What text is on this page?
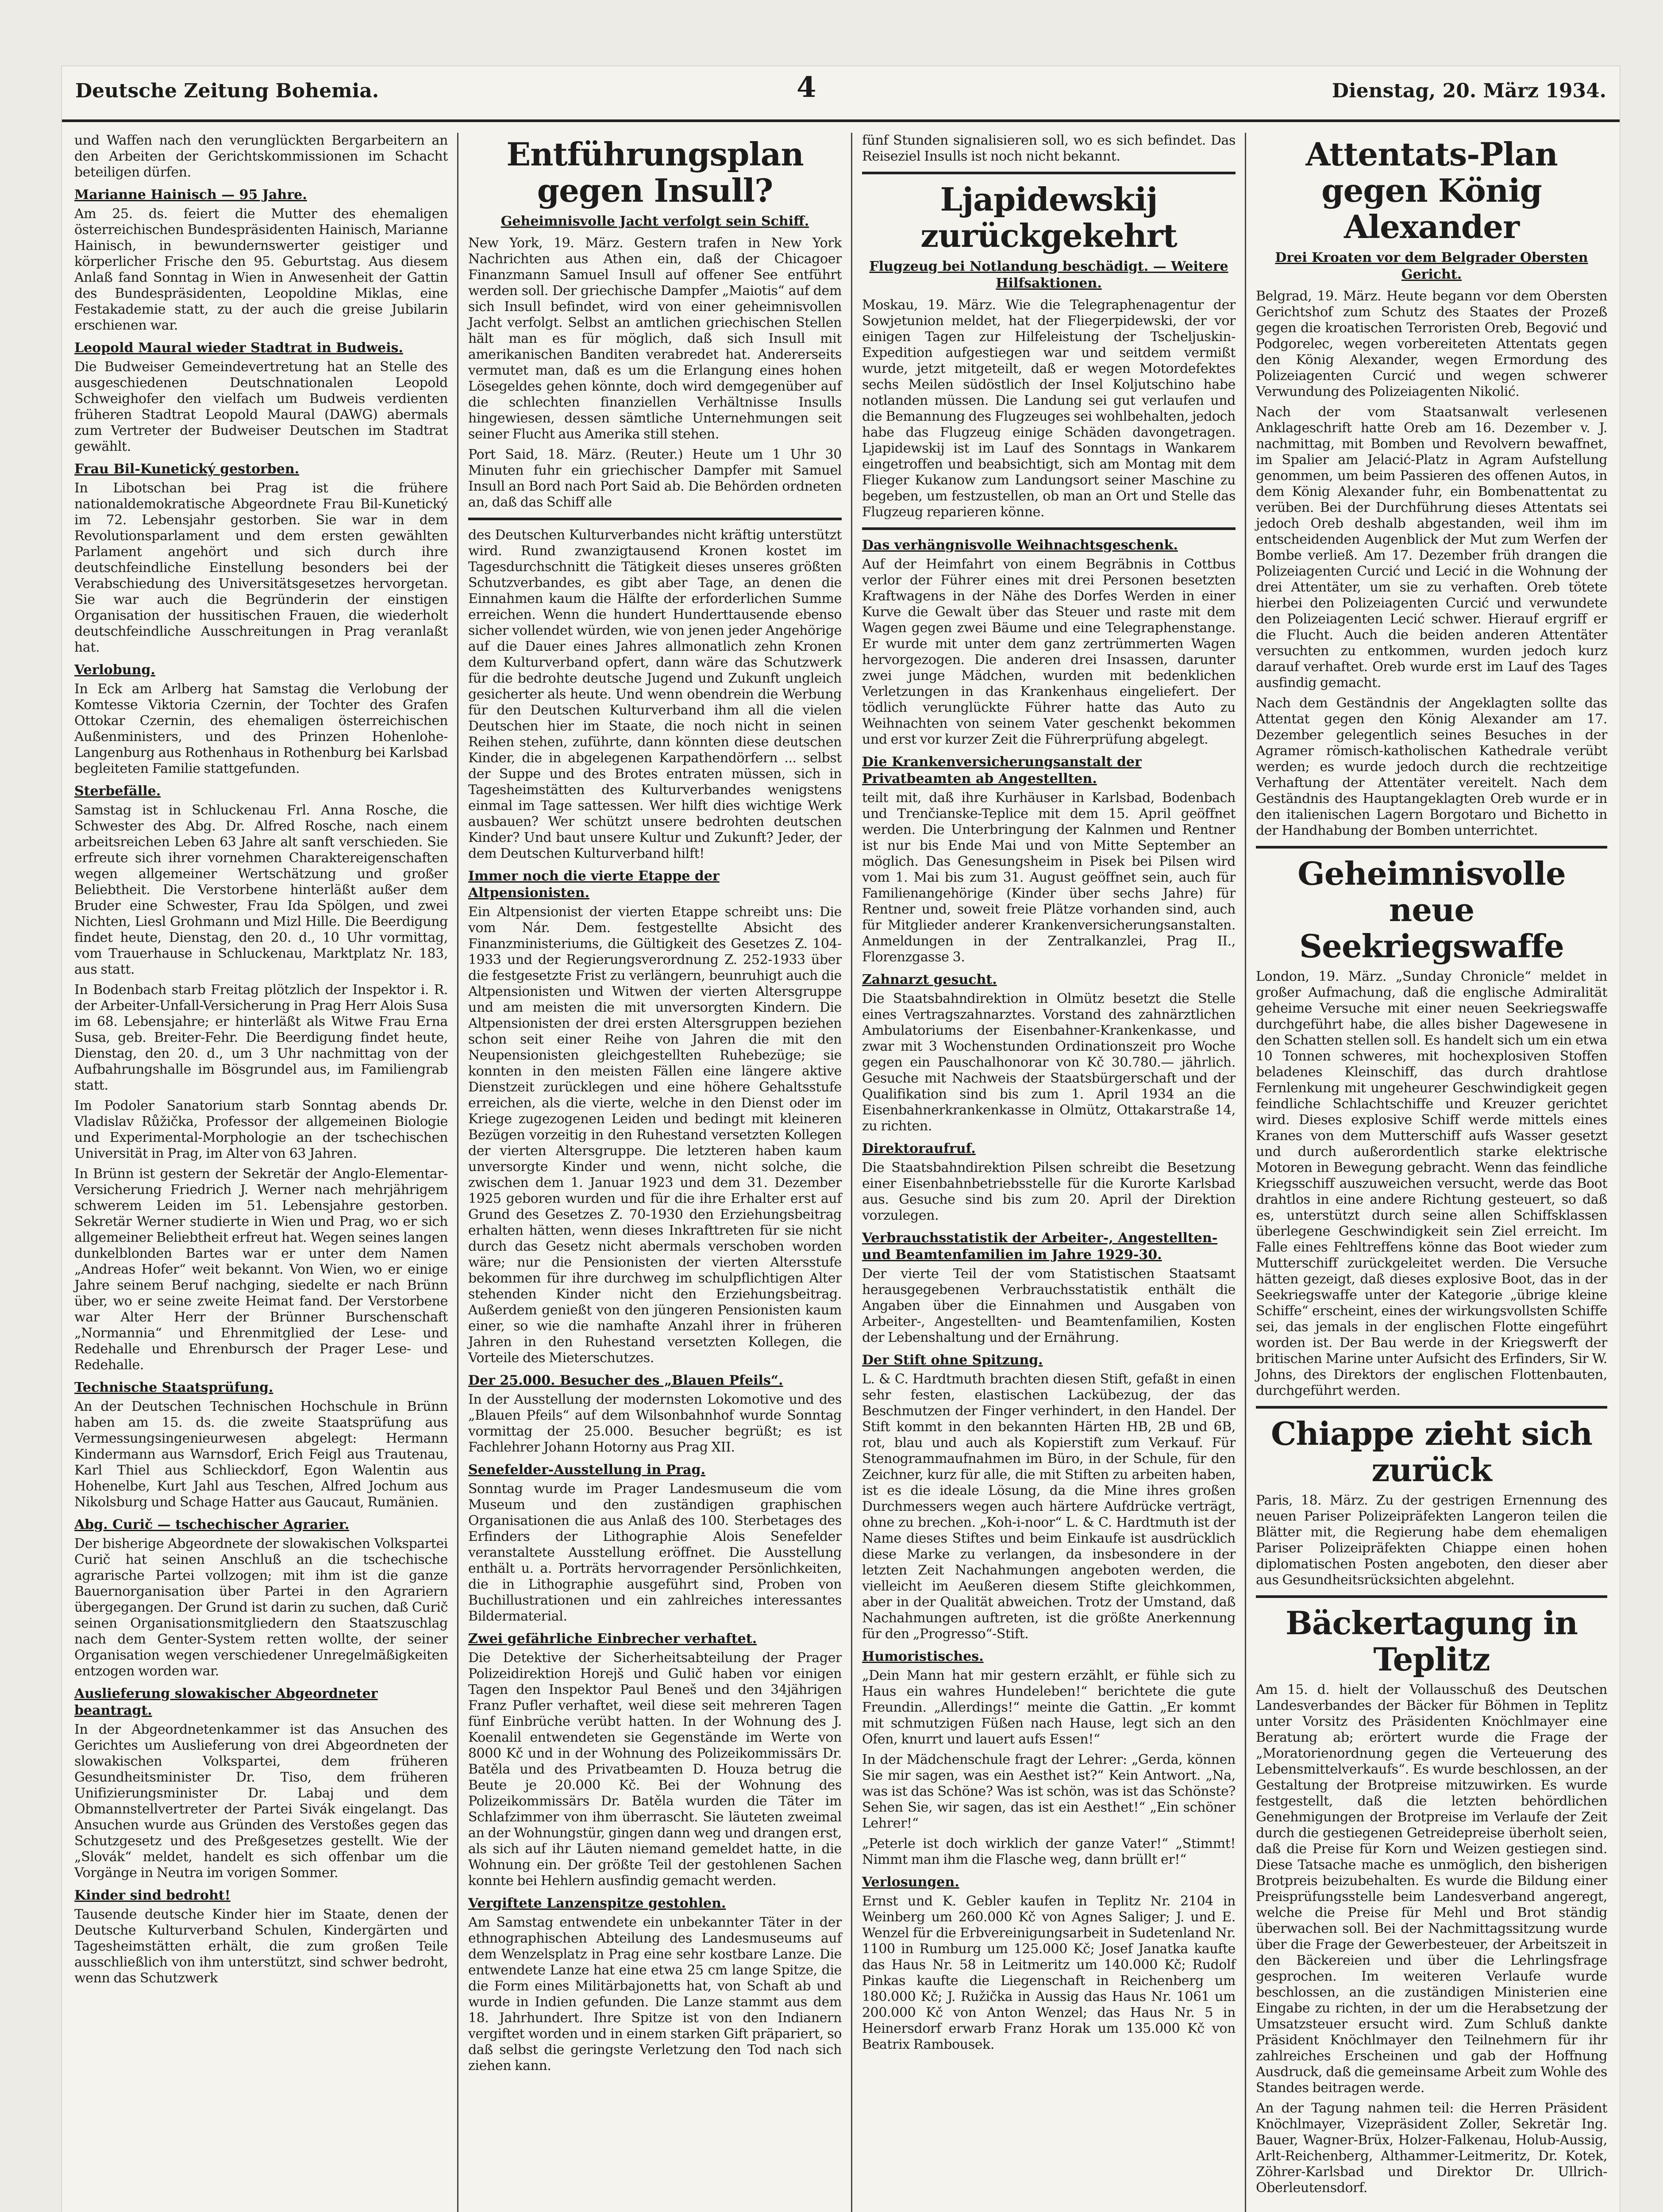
Deutsche Zeitung Bohemia.	4	Dienstag, 20. März 1934.

und Waffen nach den verunglückten Bergarbeitern an den Arbeiten der Gerichtskommissionen im Schacht beteiligen dürfen.

Marianne Hainisch — 95 Jahre.

Am 25. ds. feiert die Mutter des ehemaligen österreichischen Bundespräsidenten Hainisch, Marianne Hainisch, in bewundernswerter geistiger und körperlicher Frische den 95. Geburtstag. Aus diesem Anlaß fand Sonntag in Wien in Anwesenheit der Gattin des Bundespräsidenten, Leopoldine Miklas, eine Festakademie statt, zu der auch die greise Jubilarin erschienen war.

Leopold Maural wieder Stadtrat in Budweis.

Die Budweiser Gemeindevertretung hat an Stelle des ausgeschiedenen Deutschnationalen Leopold Schweighofer den vielfach um Budweis verdienten früheren Stadtrat Leopold Maural (DAWG) abermals zum Vertreter der Budweiser Deutschen im Stadtrat gewählt.

Frau Bil-Kunetický gestorben.

In Libotschan bei Prag ist die frühere nationaldemokratische Abgeordnete Frau Bil-Kunetický im 72. Lebensjahr gestorben. Sie war in dem Revolutionsparlament und dem ersten gewählten Parlament angehört und sich durch ihre deutschfeindliche Einstellung besonders bei der Verabschiedung des Universitätsgesetzes hervorgetan. Sie war auch die Begründerin der einstigen Organisation der hussitischen Frauen, die wiederholt deutschfeindliche Ausschreitungen in Prag veranlaßt hat.

Verlobung.

In Eck am Arlberg hat Samstag die Verlobung der Komtesse Viktoria Czernin, der Tochter des Grafen Ottokar Czernin, des ehemaligen österreichischen Außenministers, und des Prinzen Hohenlohe-Langenburg aus Rothenhaus in Rothenburg bei Karlsbad begleiteten Familie stattgefunden.

Sterbefälle.

Samstag ist in Schluckenau Frl. Anna Rosche, die Schwester des Abg. Dr. Alfred Rosche, nach einem arbeitsreichen Leben 63 Jahre alt sanft verschieden. Sie erfreute sich ihrer vornehmen Charaktereigenschaften wegen allgemeiner Wertschätzung und großer Beliebtheit. Die Verstorbene hinterläßt außer dem Bruder eine Schwester, Frau Ida Spölgen, und zwei Nichten, Liesl Grohmann und Mizl Hille. Die Beerdigung findet heute, Dienstag, den 20. d., 10 Uhr vormittag, vom Trauerhause in Schluckenau, Marktplatz Nr. 183, aus statt.

In Bodenbach starb Freitag plötzlich der Inspektor i. R. der Arbeiter-Unfall-Versicherung in Prag Herr Alois Susa im 68. Lebensjahre; er hinterläßt als Witwe Frau Erna Susa, geb. Breiter-Fehr. Die Beerdigung findet heute, Dienstag, den 20. d., um 3 Uhr nachmittag von der Aufbahrungshalle im Bösgrundel aus, im Familiengrab statt.

Im Podoler Sanatorium starb Sonntag abends Dr. Vladislav Růžička, Professor der allgemeinen Biologie und Experimental-Morphologie an der tschechischen Universität in Prag, im Alter von 63 Jahren.

In Brünn ist gestern der Sekretär der Anglo-Elementar-Versicherung Friedrich J. Werner nach mehrjährigem schwerem Leiden im 51. Lebensjahre gestorben. Sekretär Werner studierte in Wien und Prag, wo er sich allgemeiner Beliebtheit erfreut hat. Wegen seines langen dunkelblonden Bartes war er unter dem Namen „Andreas Hofer“ weit bekannt. Von Wien, wo er einige Jahre seinem Beruf nachging, siedelte er nach Brünn über, wo er seine zweite Heimat fand. Der Verstorbene war Alter Herr der Brünner Burschenschaft „Normannia“ und Ehrenmitglied der Lese- und Redehalle und Ehrenbursch der Prager Lese- und Redehalle.

Technische Staatsprüfung.

An der Deutschen Technischen Hochschule in Brünn haben am 15. ds. die zweite Staatsprüfung aus Vermessungsingenieurwesen abgelegt: Hermann Kindermann aus Warnsdorf, Erich Feigl aus Trautenau, Karl Thiel aus Schlieckdorf, Egon Walentin aus Hohenelbe, Kurt Jahl aus Teschen, Alfred Jochum aus Nikolsburg und Schage Hatter aus Gaucaut, Rumänien.

Abg. Curič — tschechischer Agrarier.

Der bisherige Abgeordnete der slowakischen Volkspartei Curič hat seinen Anschluß an die tschechische agrarische Partei vollzogen; mit ihm ist die ganze Bauernorganisation über Partei in den Agrariern übergegangen. Der Grund ist darin zu suchen, daß Curič seinen Organisationsmitgliedern den Staatszuschlag nach dem Genter-System retten wollte, der seiner Organisation wegen verschiedener Unregelmäßigkeiten entzogen worden war.

Auslieferung slowakischer Abgeordneter beantragt.

In der Abgeordnetenkammer ist das Ansuchen des Gerichtes um Auslieferung von drei Abgeordneten der slowakischen Volkspartei, dem früheren Gesundheitsminister Dr. Tiso, dem früheren Unifizierungsminister Dr. Labaj und dem Obmannstellvertreter der Partei Sivák eingelangt. Das Ansuchen wurde aus Gründen des Verstoßes gegen das Schutzgesetz und des Preßgesetzes gestellt. Wie der „Slovák“ meldet, handelt es sich offenbar um die Vorgänge in Neutra im vorigen Sommer.

Kinder sind bedroht!

Tausende deutsche Kinder hier im Staate, denen der Deutsche Kulturverband Schulen, Kindergärten und Tagesheimstätten erhält, die zum großen Teile ausschließlich von ihm unterstützt, sind schwer bedroht, wenn das Schutzwerk

Entführungsplan gegen Insull?
Geheimnisvolle Jacht verfolgt sein Schiff.

New York, 19. März. Gestern trafen in New York Nachrichten aus Athen ein, daß der Chicagoer Finanzmann Samuel Insull auf offener See entführt werden soll. Der griechische Dampfer „Maiotis“ auf dem sich Insull befindet, wird von einer geheimnisvollen Jacht verfolgt. Selbst an amtlichen griechischen Stellen hält man es für möglich, daß sich Insull mit amerikanischen Banditen verabredet hat. Andererseits vermutet man, daß es um die Erlangung eines hohen Lösegeldes gehen könnte, doch wird demgegenüber auf die schlechten finanziellen Verhältnisse Insulls hingewiesen, dessen sämtliche Unternehmungen seit seiner Flucht aus Amerika still stehen.

Port Said, 18. März. (Reuter.) Heute um 1 Uhr 30 Minuten fuhr ein griechischer Dampfer mit Samuel Insull an Bord nach Port Said ab. Die Behörden ordneten an, daß das Schiff alle

des Deutschen Kulturverbandes nicht kräftig unterstützt wird. Rund zwanzigtausend Kronen kostet im Tagesdurchschnitt die Tätigkeit dieses unseres größten Schutzverbandes, es gibt aber Tage, an denen die Einnahmen kaum die Hälfte der erforderlichen Summe erreichen. Wenn die hundert Hunderttausende ebenso sicher vollendet würden, wie von jenen jeder Angehörige auf die Dauer eines Jahres allmonatlich zehn Kronen dem Kulturverband opfert, dann wäre das Schutzwerk für die bedrohte deutsche Jugend und Zukunft ungleich gesicherter als heute. Und wenn obendrein die Werbung für den Deutschen Kulturverband ihm all die vielen Deutschen hier im Staate, die noch nicht in seinen Reihen stehen, zuführte, dann könnten diese deutschen Kinder, die in abgelegenen Karpathendörfern ... selbst der Suppe und des Brotes entraten müssen, sich in Tagesheimstätten des Kulturverbandes wenigstens einmal im Tage sattessen. Wer hilft dies wichtige Werk ausbauen? Wer schützt unsere bedrohten deutschen Kinder? Und baut unsere Kultur und Zukunft? Jeder, der dem Deutschen Kulturverband hilft!

Immer noch die vierte Etappe der Altpensionisten.

Ein Altpensionist der vierten Etappe schreibt uns: Die vom Nár. Dem. festgestellte Absicht des Finanzministeriums, die Gültigkeit des Gesetzes Z. 104-1933 und der Regierungsverordnung Z. 252-1933 über die festgesetzte Frist zu verlängern, beunruhigt auch die Altpensionisten und Witwen der vierten Altersgruppe und am meisten die mit unversorgten Kindern. Die Altpensionisten der drei ersten Altersgruppen beziehen schon seit einer Reihe von Jahren die mit den Neupensionisten gleichgestellten Ruhebezüge; sie konnten in den meisten Fällen eine längere aktive Dienstzeit zurücklegen und eine höhere Gehaltsstufe erreichen, als die vierte, welche in den Dienst oder im Kriege zugezogenen Leiden und bedingt mit kleineren Bezügen vorzeitig in den Ruhestand versetzten Kollegen der vierten Altersgruppe. Die letzteren haben kaum unversorgte Kinder und wenn, nicht solche, die zwischen dem 1. Januar 1923 und dem 31. Dezember 1925 geboren wurden und für die ihre Erhalter erst auf Grund des Gesetzes Z. 70-1930 den Erziehungsbeitrag erhalten hätten, wenn dieses Inkrafttreten für sie nicht durch das Gesetz nicht abermals verschoben worden wäre; nur die Pensionisten der vierten Altersstufe bekommen für ihre durchweg im schulpflichtigen Alter stehenden Kinder nicht den Erziehungsbeitrag. Außerdem genießt von den jüngeren Pensionisten kaum einer, so wie die namhafte Anzahl ihrer in früheren Jahren in den Ruhestand versetzten Kollegen, die Vorteile des Mieterschutzes.

Der 25.000. Besucher des „Blauen Pfeils“.

In der Ausstellung der modernsten Lokomotive und des „Blauen Pfeils“ auf dem Wilsonbahnhof wurde Sonntag vormittag der 25.000. Besucher begrüßt; es ist Fachlehrer Johann Hotorny aus Prag XII.

Senefelder-Ausstellung in Prag.

Sonntag wurde im Prager Landesmuseum die vom Museum und den zuständigen graphischen Organisationen die aus Anlaß des 100. Sterbetages des Erfinders der Lithographie Alois Senefelder veranstaltete Ausstellung eröffnet. Die Ausstellung enthält u. a. Porträts hervorragender Persönlichkeiten, die in Lithographie ausgeführt sind, Proben von Buchillustrationen und ein zahlreiches interessantes Bildermaterial.

Zwei gefährliche Einbrecher verhaftet.

Die Detektive der Sicherheitsabteilung der Prager Polizeidirektion Horejš und Gulič haben vor einigen Tagen den Inspektor Paul Beneš und den 34jährigen Franz Pufler verhaftet, weil diese seit mehreren Tagen fünf Einbrüche verübt hatten. In der Wohnung des J. Koenalil entwendeten sie Gegenstände im Werte von 8000 Kč und in der Wohnung des Polizeikommissärs Dr. Batěla und des Privatbeamten D. Houza betrug die Beute je 20.000 Kč. Bei der Wohnung des Polizeikommissärs Dr. Batěla wurden die Täter im Schlafzimmer von ihm überrascht. Sie läuteten zweimal an der Wohnungstür, gingen dann weg und drangen erst, als sich auf ihr Läuten niemand gemeldet hatte, in die Wohnung ein. Der größte Teil der gestohlenen Sachen konnte bei Hehlern ausfindig gemacht werden.

Vergiftete Lanzenspitze gestohlen.

Am Samstag entwendete ein unbekannter Täter in der ethnographischen Abteilung des Landesmuseums auf dem Wenzelsplatz in Prag eine sehr kostbare Lanze. Die entwendete Lanze hat eine etwa 25 cm lange Spitze, die die Form eines Militärbajonetts hat, von Schaft ab und wurde in Indien gefunden. Die Lanze stammt aus dem 18. Jahrhundert. Ihre Spitze ist von den Indianern vergiftet worden und in einem starken Gift präpariert, so daß selbst die geringste Verletzung den Tod nach sich ziehen kann.

fünf Stunden signalisieren soll, wo es sich befindet. Das Reiseziel Insulls ist noch nicht bekannt.

Ljapidewskij zurückgekehrt
Flugzeug bei Notlandung beschädigt. — Weitere Hilfsaktionen.

Moskau, 19. März. Wie die Telegraphenagentur der Sowjetunion meldet, hat der Fliegerpidewski, der vor einigen Tagen zur Hilfeleistung der Tscheljuskin-Expedition aufgestiegen war und seitdem vermißt wurde, jetzt mitgeteilt, daß er wegen Motordefektes sechs Meilen südöstlich der Insel Koljutschino habe notlanden müssen. Die Landung sei gut verlaufen und die Bemannung des Flugzeuges sei wohlbehalten, jedoch habe das Flugzeug einige Schäden davongetragen. Ljapidewskij ist im Lauf des Sonntags in Wankarem eingetroffen und beabsichtigt, sich am Montag mit dem Flieger Kukanow zum Landungsort seiner Maschine zu begeben, um festzustellen, ob man an Ort und Stelle das Flugzeug reparieren könne.

Das verhängnisvolle Weihnachtsgeschenk.

Auf der Heimfahrt von einem Begräbnis in Cottbus verlor der Führer eines mit drei Personen besetzten Kraftwagens in der Nähe des Dorfes Werden in einer Kurve die Gewalt über das Steuer und raste mit dem Wagen gegen zwei Bäume und eine Telegraphenstange. Er wurde mit unter dem ganz zertrümmerten Wagen hervorgezogen. Die anderen drei Insassen, darunter zwei junge Mädchen, wurden mit bedenklichen Verletzungen in das Krankenhaus eingeliefert. Der tödlich verunglückte Führer hatte das Auto zu Weihnachten von seinem Vater geschenkt bekommen und erst vor kurzer Zeit die Führerprüfung abgelegt.

Die Krankenversicherungsanstalt der Privatbeamten ab Angestellten.

teilt mit, daß ihre Kurhäuser in Karlsbad, Bodenbach und Trenčianske-Teplice mit dem 15. April geöffnet werden. Die Unterbringung der Kalnmen und Rentner ist nur bis Ende Mai und von Mitte September an möglich. Das Genesungsheim in Pisek bei Pilsen wird vom 1. Mai bis zum 31. August geöffnet sein, auch für Familienangehörige (Kinder über sechs Jahre) für Rentner und, soweit freie Plätze vorhanden sind, auch für Mitglieder anderer Krankenversicherungsanstalten. Anmeldungen in der Zentralkanzlei, Prag II., Florenzgasse 3.

Zahnarzt gesucht.

Die Staatsbahndirektion in Olmütz besetzt die Stelle eines Vertragszahnarztes. Vorstand des zahnärztlichen Ambulatoriums der Eisenbahner-Krankenkasse, und zwar mit 3 Wochenstunden Ordinationszeit pro Woche gegen ein Pauschalhonorar von Kč 30.780.— jährlich. Gesuche mit Nachweis der Staatsbürgerschaft und der Qualifikation sind bis zum 1. April 1934 an die Eisenbahnerkrankenkasse in Olmütz, Ottakarstraße 14, zu richten.

Direktoraufruf.

Die Staatsbahndirektion Pilsen schreibt die Besetzung einer Eisenbahnbetriebsstelle für die Kurorte Karlsbad aus. Gesuche sind bis zum 20. April der Direktion vorzulegen.

Verbrauchsstatistik der Arbeiter-, Angestellten- und Beamtenfamilien im Jahre 1929-30.

Der vierte Teil der vom Statistischen Staatsamt herausgegebenen Verbrauchsstatistik enthält die Angaben über die Einnahmen und Ausgaben von Arbeiter-, Angestellten- und Beamtenfamilien, Kosten der Lebenshaltung und der Ernährung.

Der Stift ohne Spitzung.

L. & C. Hardtmuth brachten diesen Stift, gefaßt in einen sehr festen, elastischen Lackübezug, der das Beschmutzen der Finger verhindert, in den Handel. Der Stift kommt in den bekannten Härten HB, 2B und 6B, rot, blau und auch als Kopierstift zum Verkauf. Für Stenogrammaufnahmen im Büro, in der Schule, für den Zeichner, kurz für alle, die mit Stiften zu arbeiten haben, ist es die ideale Lösung, da die Mine ihres großen Durchmessers wegen auch härtere Aufdrücke verträgt, ohne zu brechen. „Koh-i-noor“ L. & C. Hardtmuth ist der Name dieses Stiftes und beim Einkaufe ist ausdrücklich diese Marke zu verlangen, da insbesondere in der letzten Zeit Nachahmungen angeboten werden, die vielleicht im Aeußeren diesem Stifte gleichkommen, aber in der Qualität abweichen. Trotz der Umstand, daß Nachahmungen auftreten, ist die größte Anerkennung für den „Progresso“-Stift.

Humoristisches.

„Dein Mann hat mir gestern erzählt, er fühle sich zu Haus ein wahres Hundeleben!“ berichtete die gute Freundin. „Allerdings!“ meinte die Gattin. „Er kommt mit schmutzigen Füßen nach Hause, legt sich an den Ofen, knurrt und lauert aufs Essen!“

In der Mädchenschule fragt der Lehrer: „Gerda, können Sie mir sagen, was ein Aesthet ist?“ Kein Antwort. „Na, was ist das Schöne? Was ist schön, was ist das Schönste? Sehen Sie, wir sagen, das ist ein Aesthet!“ „Ein schöner Lehrer!“

„Peterle ist doch wirklich der ganze Vater!“ „Stimmt! Nimmt man ihm die Flasche weg, dann brüllt er!“

Verlosungen.

Ernst und K. Gebler kaufen in Teplitz Nr. 2104 in Weinberg um 260.000 Kč von Agnes Saliger; J. und E. Wenzel für die Erbvereinigungsarbeit in Sudetenland Nr. 1100 in Rumburg um 125.000 Kč; Josef Janatka kaufte das Haus Nr. 58 in Leitmeritz um 140.000 Kč; Rudolf Pinkas kaufte die Liegenschaft in Reichenberg um 180.000 Kč; J. Ružička in Aussig das Haus Nr. 1061 um 200.000 Kč von Anton Wenzel; das Haus Nr. 5 in Heinersdorf erwarb Franz Horak um 135.000 Kč von Beatrix Rambousek.

Attentats-Plan gegen König Alexander
Drei Kroaten vor dem Belgrader Obersten Gericht.

Belgrad, 19. März. Heute begann vor dem Obersten Gerichtshof zum Schutz des Staates der Prozeß gegen die kroatischen Terroristen Oreb, Begović und Podgorelec, wegen vorbereiteten Attentats gegen den König Alexander, wegen Ermordung des Polizeiagenten Curcić und wegen schwerer Verwundung des Polizeiagenten Nikolić.

Nach der vom Staatsanwalt verlesenen Anklageschrift hatte Oreb am 16. Dezember v. J. nachmittag, mit Bomben und Revolvern bewaffnet, im Spalier am Jelacić-Platz in Agram Aufstellung genommen, um beim Passieren des offenen Autos, in dem König Alexander fuhr, ein Bombenattentat zu verüben. Bei der Durchführung dieses Attentats sei jedoch Oreb deshalb abgestanden, weil ihm im entscheidenden Augenblick der Mut zum Werfen der Bombe verließ. Am 17. Dezember früh drangen die Polizeiagenten Curcić und Lecić in die Wohnung der drei Attentäter, um sie zu verhaften. Oreb tötete hierbei den Polizeiagenten Curcić und verwundete den Polizeiagenten Lecić schwer. Hierauf ergriff er die Flucht. Auch die beiden anderen Attentäter versuchten zu entkommen, wurden jedoch kurz darauf verhaftet. Oreb wurde erst im Lauf des Tages ausfindig gemacht.

Nach dem Geständnis der Angeklagten sollte das Attentat gegen den König Alexander am 17. Dezember gelegentlich seines Besuches in der Agramer römisch-katholischen Kathedrale verübt werden; es wurde jedoch durch die rechtzeitige Verhaftung der Attentäter vereitelt. Nach dem Geständnis des Hauptangeklagten Oreb wurde er in den italienischen Lagern Borgotaro und Bichetto in der Handhabung der Bomben unterrichtet.

Geheimnisvolle neue Seekriegswaffe

London, 19. März. „Sunday Chronicle“ meldet in großer Aufmachung, daß die englische Admiralität geheime Versuche mit einer neuen Seekriegswaffe durchgeführt habe, die alles bisher Dagewesene in den Schatten stellen soll. Es handelt sich um ein etwa 10 Tonnen schweres, mit hochexplosiven Stoffen beladenes Kleinschiff, das durch drahtlose Fernlenkung mit ungeheurer Geschwindigkeit gegen feindliche Schlachtschiffe und Kreuzer gerichtet wird. Dieses explosive Schiff werde mittels eines Kranes von dem Mutterschiff aufs Wasser gesetzt und durch außerordentlich starke elektrische Motoren in Bewegung gebracht. Wenn das feindliche Kriegsschiff auszuweichen versucht, werde das Boot drahtlos in eine andere Richtung gesteuert, so daß es, unterstützt durch seine allen Schiffsklassen überlegene Geschwindigkeit sein Ziel erreicht. Im Falle eines Fehltreffens könne das Boot wieder zum Mutterschiff zurückgeleitet werden. Die Versuche hätten gezeigt, daß dieses explosive Boot, das in der Seekriegswaffe unter der Kategorie „übrige kleine Schiffe“ erscheint, eines der wirkungsvollsten Schiffe sei, das jemals in der englischen Flotte eingeführt worden ist. Der Bau werde in der Kriegswerft der britischen Marine unter Aufsicht des Erfinders, Sir W. Johns, des Direktors der englischen Flottenbauten, durchgeführt werden.

Chiappe zieht sich zurück

Paris, 18. März. Zu der gestrigen Ernennung des neuen Pariser Polizeipräfekten Langeron teilen die Blätter mit, die Regierung habe dem ehemaligen Pariser Polizeipräfekten Chiappe einen hohen diplomatischen Posten angeboten, den dieser aber aus Gesundheitsrücksichten abgelehnt.

Bäckertagung in Teplitz

Am 15. d. hielt der Vollausschuß des Deutschen Landesverbandes der Bäcker für Böhmen in Teplitz unter Vorsitz des Präsidenten Knöchlmayer eine Beratung ab; erörtert wurde die Frage der „Moratorienordnung gegen die Verteuerung des Lebensmittelverkaufs“. Es wurde beschlossen, an der Gestaltung der Brotpreise mitzuwirken. Es wurde festgestellt, daß die letzten behördlichen Genehmigungen der Brotpreise im Verlaufe der Zeit durch die gestiegenen Getreidepreise überholt seien, daß die Preise für Korn und Weizen gestiegen sind. Diese Tatsache mache es unmöglich, den bisherigen Brotpreis beizubehalten. Es wurde die Bildung einer Preisprüfungsstelle beim Landesverband angeregt, welche die Preise für Mehl und Brot ständig überwachen soll. Bei der Nachmittagssitzung wurde über die Frage der Gewerbesteuer, der Arbeitszeit in den Bäckereien und über die Lehrlingsfrage gesprochen. Im weiteren Verlaufe wurde beschlossen, an die zuständigen Ministerien eine Eingabe zu richten, in der um die Herabsetzung der Umsatzsteuer ersucht wird. Zum Schluß dankte Präsident Knöchlmayer den Teilnehmern für ihr zahlreiches Erscheinen und gab der Hoffnung Ausdruck, daß die gemeinsame Arbeit zum Wohle des Standes beitragen werde.

An der Tagung nahmen teil: die Herren Präsident Knöchlmayer, Vizepräsident Zoller, Sekretär Ing. Bauer, Wagner-Brüx, Holzer-Falkenau, Holub-Aussig, Arlt-Reichenberg, Althammer-Leitmeritz, Dr. Kotek, Zöhrer-Karlsbad und Direktor Dr. Ullrich-Oberleutensdorf.
